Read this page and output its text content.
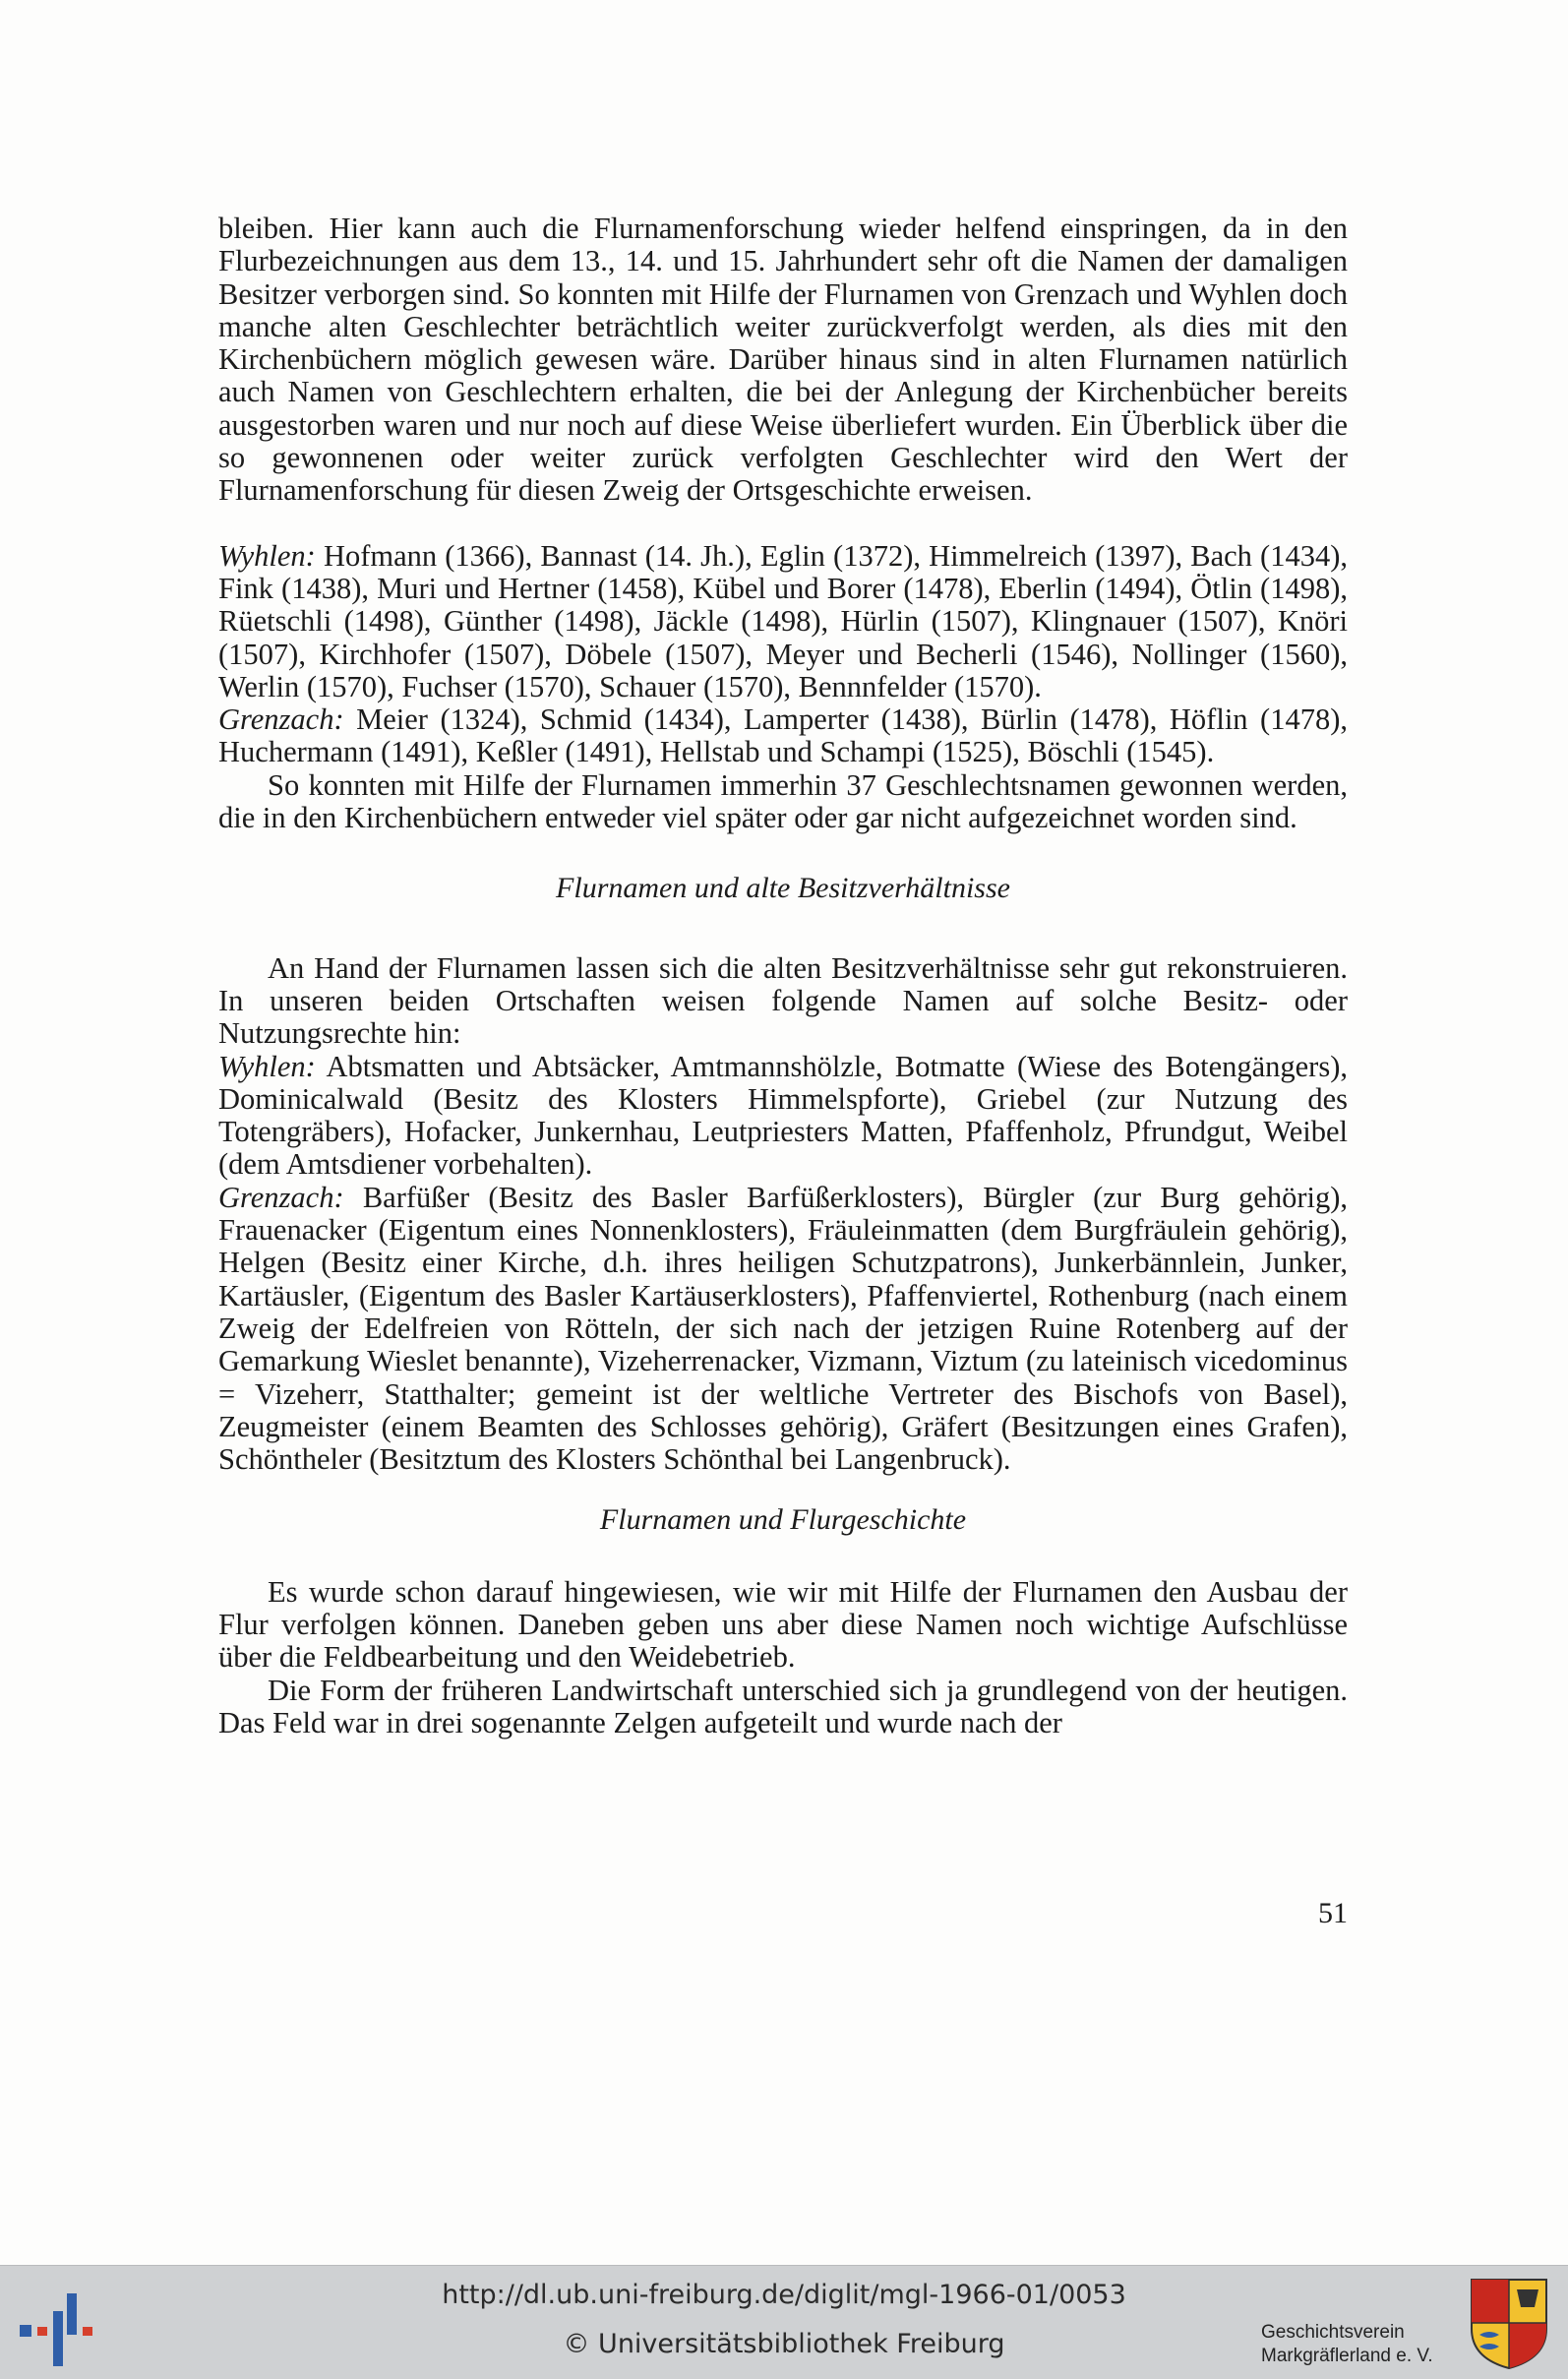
bleiben. Hier kann auch die Flurnamenforschung wieder helfend einspringen, da in den Flurbezeichnungen aus dem 13., 14. und 15. Jahrhundert sehr oft die Namen der damaligen Besitzer verborgen sind. So konnten mit Hilfe der Flurnamen von Grenzach und Wyhlen doch manche alten Geschlechter beträchtlich weiter zurückverfolgt werden, als dies mit den Kirchenbüchern möglich gewesen wäre. Darüber hinaus sind in alten Flurnamen natürlich auch Namen von Geschlechtern erhalten, die bei der Anlegung der Kirchenbücher bereits ausgestorben waren und nur noch auf diese Weise überliefert wurden. Ein Überblick über die so gewonnenen oder weiter zurück verfolgten Geschlechter wird den Wert der Flurnamenforschung für diesen Zweig der Ortsgeschichte erweisen.

Wyhlen: Hofmann (1366), Bannast (14. Jh.), Eglin (1372), Himmelreich (1397), Bach (1434), Fink (1438), Muri und Hertner (1458), Kübel und Borer (1478), Eberlin (1494), Ötlin (1498), Rüetschli (1498), Günther (1498), Jäckle (1498), Hürlin (1507), Klingnauer (1507), Knöri (1507), Kirchhofer (1507), Döbele (1507), Meyer und Becherli (1546), Nollinger (1560), Werlin (1570), Fuchser (1570), Schauer (1570), Bennnfelder (1570).

Grenzach: Meier (1324), Schmid (1434), Lamperter (1438), Bürlin (1478), Höflin (1478), Huchermann (1491), Keßler (1491), Hellstab und Schampi (1525), Böschli (1545).

So konnten mit Hilfe der Flurnamen immerhin 37 Geschlechtsnamen gewonnen werden, die in den Kirchenbüchern entweder viel später oder gar nicht aufgezeichnet worden sind.

Flurnamen und alte Besitzverhältnisse

An Hand der Flurnamen lassen sich die alten Besitzverhältnisse sehr gut rekonstruieren. In unseren beiden Ortschaften weisen folgende Namen auf solche Besitz- oder Nutzungsrechte hin:

Wyhlen: Abtsmatten und Abtsäcker, Amtmannshölzle, Botmatte (Wiese des Botengängers), Dominicalwald (Besitz des Klosters Himmelspforte), Griebel (zur Nutzung des Totengräbers), Hofacker, Junkernhau, Leutpriesters Matten, Pfaffenholz, Pfrundgut, Weibel (dem Amtsdiener vorbehalten).

Grenzach: Barfüßer (Besitz des Basler Barfüßerklosters), Bürgler (zur Burg gehörig), Frauenacker (Eigentum eines Nonnenklosters), Fräuleinmatten (dem Burgfräulein gehörig), Helgen (Besitz einer Kirche, d.h. ihres heiligen Schutzpatrons), Junkerbännlein, Junker, Kartäusler, (Eigentum des Basler Kartäuserklosters), Pfaffenviertel, Rothenburg (nach einem Zweig der Edelfreien von Rötteln, der sich nach der jetzigen Ruine Rotenberg auf der Gemarkung Wieslet benannte), Vizeherrenacker, Vizmann, Viztum (zu lateinisch vicedominus = Vizeherr, Statthalter; gemeint ist der weltliche Vertreter des Bischofs von Basel), Zeugmeister (einem Beamten des Schlosses gehörig), Gräfert (Besitzungen eines Grafen), Schöntheler (Besitztum des Klosters Schönthal bei Langenbruck).

Flurnamen und Flurgeschichte

Es wurde schon darauf hingewiesen, wie wir mit Hilfe der Flurnamen den Ausbau der Flur verfolgen können. Daneben geben uns aber diese Namen noch wichtige Aufschlüsse über die Feldbearbeitung und den Weidebetrieb.

Die Form der früheren Landwirtschaft unterschied sich ja grundlegend von der heutigen. Das Feld war in drei sogenannte Zelgen aufgeteilt und wurde nach der

51
http://dl.ub.uni-freiburg.de/diglit/mgl-1966-01/0053
© Universitätsbibliothek Freiburg	Geschichtsverein
Markgräflerland e. V.
